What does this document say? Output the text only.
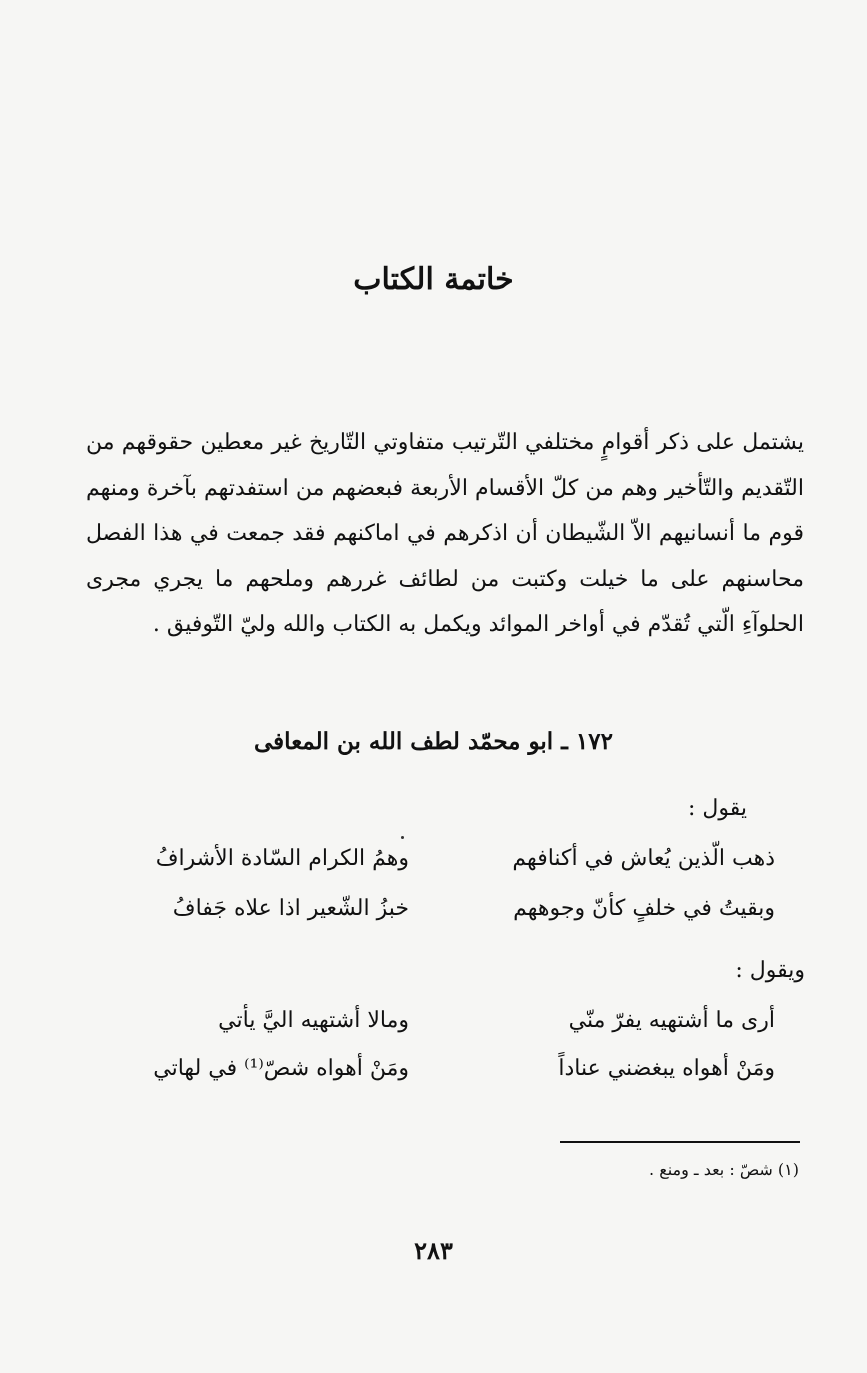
خاتمة الكتاب
يشتمل على ذكر أقوامٍ مختلفي التّرتيب متفاوتي التّاريخ غير معطين حقوقهم من التّقديم والتّأخير وهم من كلّ الأقسام الأربعة فبعضهم من استفدتهم بآخرة ومنهم قوم ما أنسانيهم الاّ الشّيطان أن اذكرهم في اماكنهم فقد جمعت في هذا الفصل محاسنهم على ما خيلت وكتبت من لطائف غررهم وملحهم ما يجري مجرى الحلوآءِ الّتي تُقدّم في أواخر الموائد ويكمل به الكتاب والله وليّ التّوفيق .
١٧٢ ـ ابو محمّد لطف الله بن المعافى
يقول :
ذهب الّذين يُعاش في أكنافهم
وهمُ الكرام السّادة الأشرافُ
وبقيتُ في خلفٍ كأنّ وجوههم
خبزُ الشّعير اذا علاه جَفافُ
ويقول :
أرى ما أشتهيه يفرّ منّي
ومالا أشتهيه اليَّ يأتي
ومَنْ أهواه يبغضني عناداً
ومَنْ أهواه شصّ⁽¹⁾ في لهاتي
(١) شصّ : بعد ـ ومنع .
٢٨٣
